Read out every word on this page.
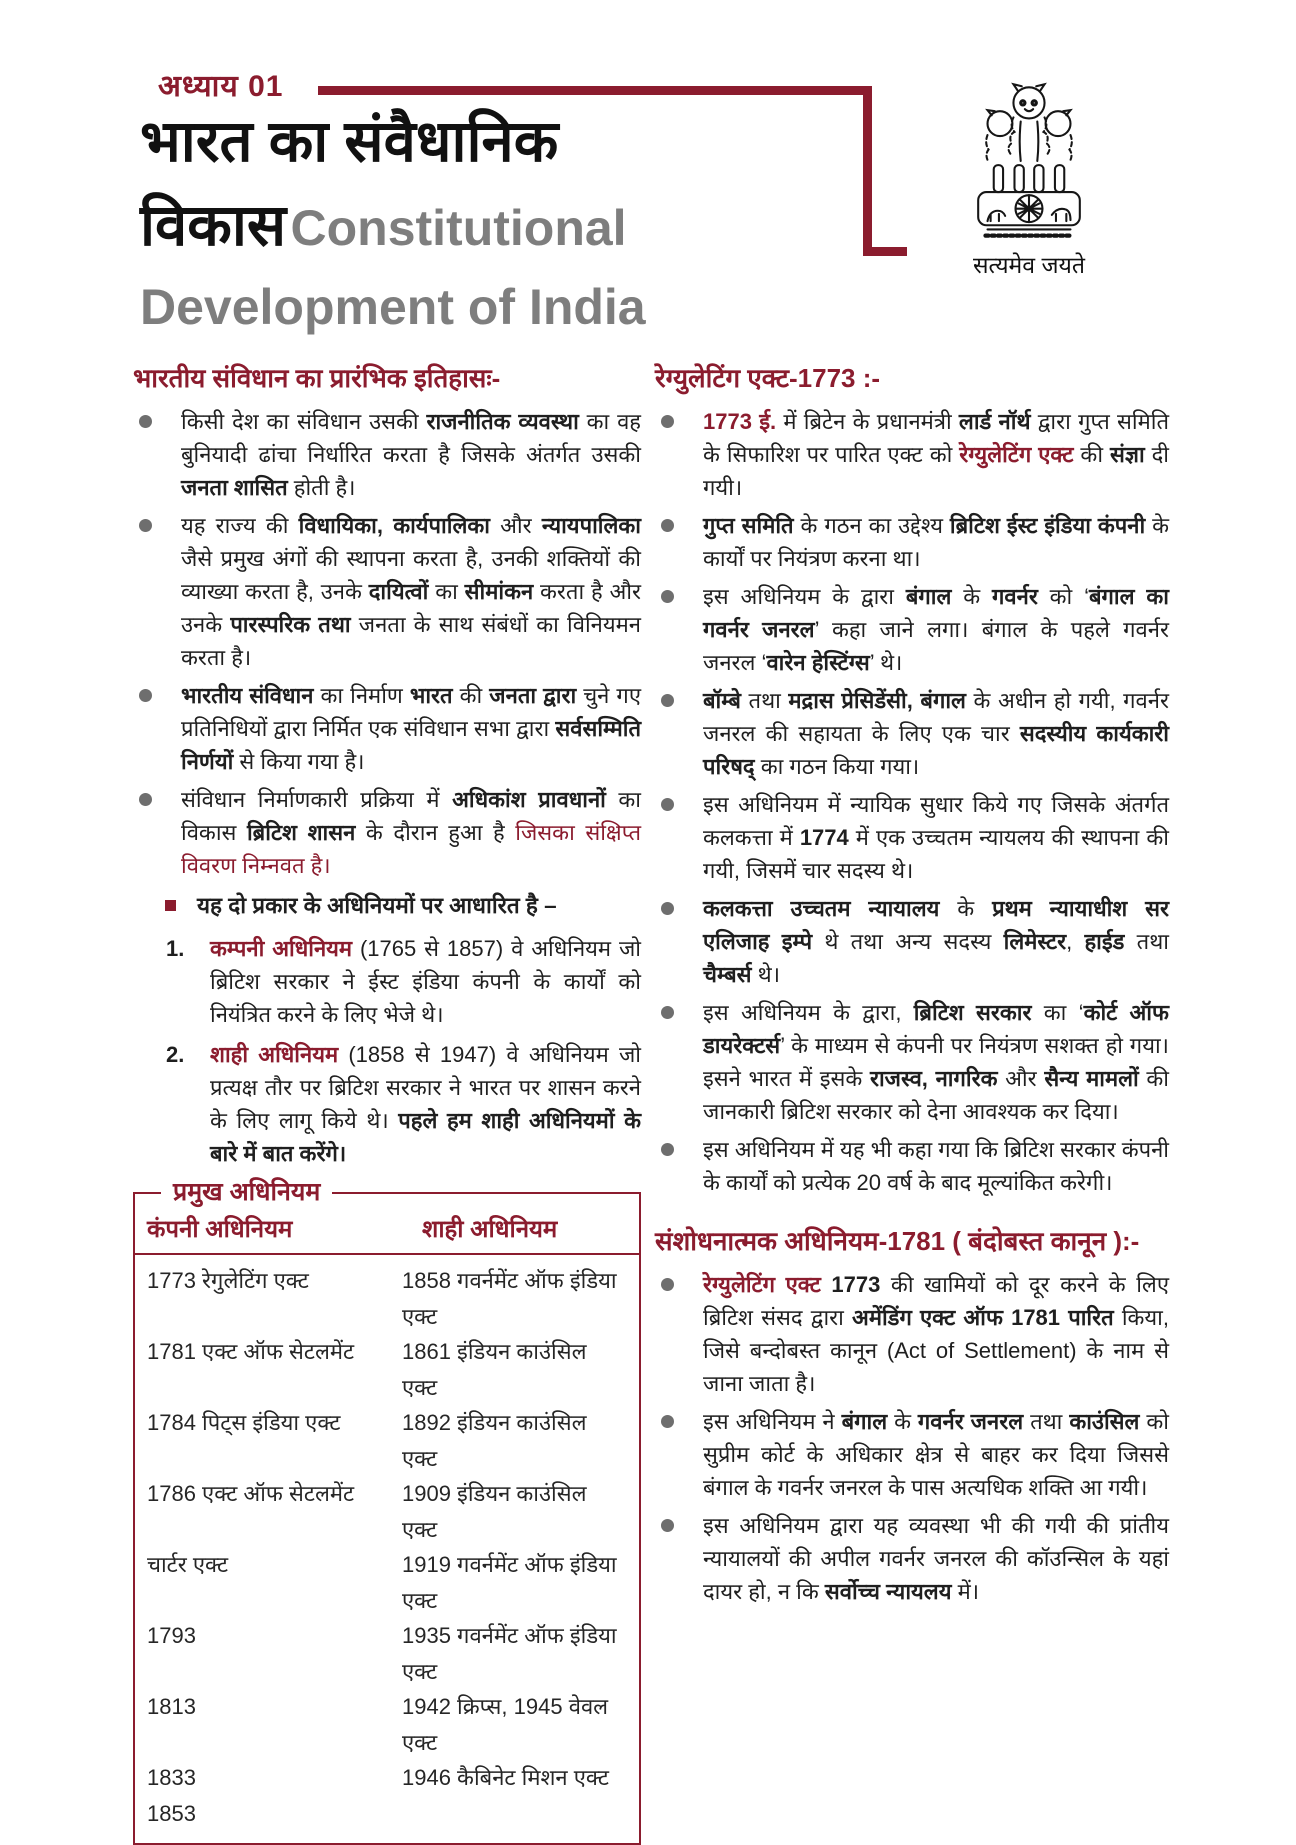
अध्याय 01
भारत का संवैधानिक
विकास Constitutional
Development of India
सत्यमेव जयते
भारतीय संविधान का प्रारंभिक इतिहासः-
किसी देश का संविधान उसकी राजनीतिक व्यवस्था का वह बुनियादी ढांचा निर्धारित करता है जिसके अंतर्गत उसकी जनता शासित होती है।
यह राज्य की विधायिका, कार्यपालिका और न्यायपालिका जैसे प्रमुख अंगों की स्थापना करता है, उनकी शक्तियों की व्याख्या करता है, उनके दायित्वों का सीमांकन करता है और उनके पारस्परिक तथा जनता के साथ संबंधों का विनियमन करता है।
भारतीय संविधान का निर्माण भारत की जनता द्वारा चुने गए प्रतिनिधियों द्वारा निर्मित एक संविधान सभा द्वारा सर्वसम्मिति निर्णयों से किया गया है।
संविधान निर्माणकारी प्रक्रिया में अधिकांश प्रावधानों का विकास ब्रिटिश शासन के दौरान हुआ है जिसका संक्षिप्त विवरण निम्नवत है।
यह दो प्रकार के अधिनियमों पर आधारित है –
1. कम्पनी अधिनियम (1765 से 1857) वे अधिनियम जो ब्रिटिश सरकार ने ईस्ट इंडिया कंपनी के कार्यों को नियंत्रित करने के लिए भेजे थे।
2. शाही अधिनियम (1858 से 1947) वे अधिनियम जो प्रत्यक्ष तौर पर ब्रिटिश सरकार ने भारत पर शासन करने के लिए लागू किये थे। पहले हम शाही अधिनियमों के बारे में बात करेंगे।
प्रमुख अधिनियम
कंपनी अधिनियम	शाही अधिनियम
1773 रेगुलेटिंग एक्ट	1858 गवर्नमेंट ऑफ इंडिया एक्ट
1781 एक्ट ऑफ सेटलमेंट	1861 इंडियन काउंसिल एक्ट
1784 पिट्स इंडिया एक्ट	1892 इंडियन काउंसिल एक्ट
1786 एक्ट ऑफ सेटलमेंट	1909 इंडियन काउंसिल एक्ट
चार्टर एक्ट	1919 गवर्नमेंट ऑफ इंडिया एक्ट
1793	1935 गवर्नमेंट ऑफ इंडिया एक्ट
1813	1942 क्रिप्स, 1945 वेवल एक्ट
1833	1946 कैबिनेट मिशन एक्ट
1853
रेग्युलेटिंग एक्ट-1773 :-
1773 ई. में ब्रिटेन के प्रधानमंत्री लार्ड नॉर्थ द्वारा गुप्त समिति के सिफारिश पर पारित एक्ट को रेग्युलेटिंग एक्ट की संज्ञा दी गयी।
गुप्त समिति के गठन का उद्देश्य ब्रिटिश ईस्ट इंडिया कंपनी के कार्यों पर नियंत्रण करना था।
इस अधिनियम के द्वारा बंगाल के गवर्नर को ‘बंगाल का गवर्नर जनरल’ कहा जाने लगा। बंगाल के पहले गवर्नर जनरल ‘वारेन हेस्टिंग्स’ थे।
बॉम्बे तथा मद्रास प्रेसिडेंसी, बंगाल के अधीन हो गयी, गवर्नर जनरल की सहायता के लिए एक चार सदस्यीय कार्यकारी परिषद् का गठन किया गया।
इस अधिनियम में न्यायिक सुधार किये गए जिसके अंतर्गत कलकत्ता में 1774 में एक उच्चतम न्यायलय की स्थापना की गयी, जिसमें चार सदस्य थे।
कलकत्ता उच्चतम न्यायालय के प्रथम न्यायाधीश सर एलिजाह इम्पे थे तथा अन्य सदस्य लिमेस्टर, हाईड तथा चैम्बर्स थे।
इस अधिनियम के द्वारा, ब्रिटिश सरकार का ‘कोर्ट ऑफ डायरेक्टर्स’ के माध्यम से कंपनी पर नियंत्रण सशक्त हो गया। इसने भारत में इसके राजस्व, नागरिक और सैन्य मामलों की जानकारी ब्रिटिश सरकार को देना आवश्यक कर दिया।
इस अधिनियम में यह भी कहा गया कि ब्रिटिश सरकार कंपनी के कार्यों को प्रत्येक 20 वर्ष के बाद मूल्यांकित करेगी।
संशोधनात्मक अधिनियम-1781 ( बंदोबस्त कानून ):-
रेग्युलेटिंग एक्ट 1773 की खामियों को दूर करने के लिए ब्रिटिश संसद द्वारा अमेंडिंग एक्ट ऑफ 1781 पारित किया, जिसे बन्दोबस्त कानून (Act of Settlement) के नाम से जाना जाता है।
इस अधिनियम ने बंगाल के गवर्नर जनरल तथा काउंसिल को सुप्रीम कोर्ट के अधिकार क्षेत्र से बाहर कर दिया जिससे बंगाल के गवर्नर जनरल के पास अत्यधिक शक्ति आ गयी।
इस अधिनियम द्वारा यह व्यवस्था भी की गयी की प्रांतीय न्यायालयों की अपील गवर्नर जनरल की कॉउन्सिल के यहां दायर हो, न कि सर्वोच्च न्यायलय में।
